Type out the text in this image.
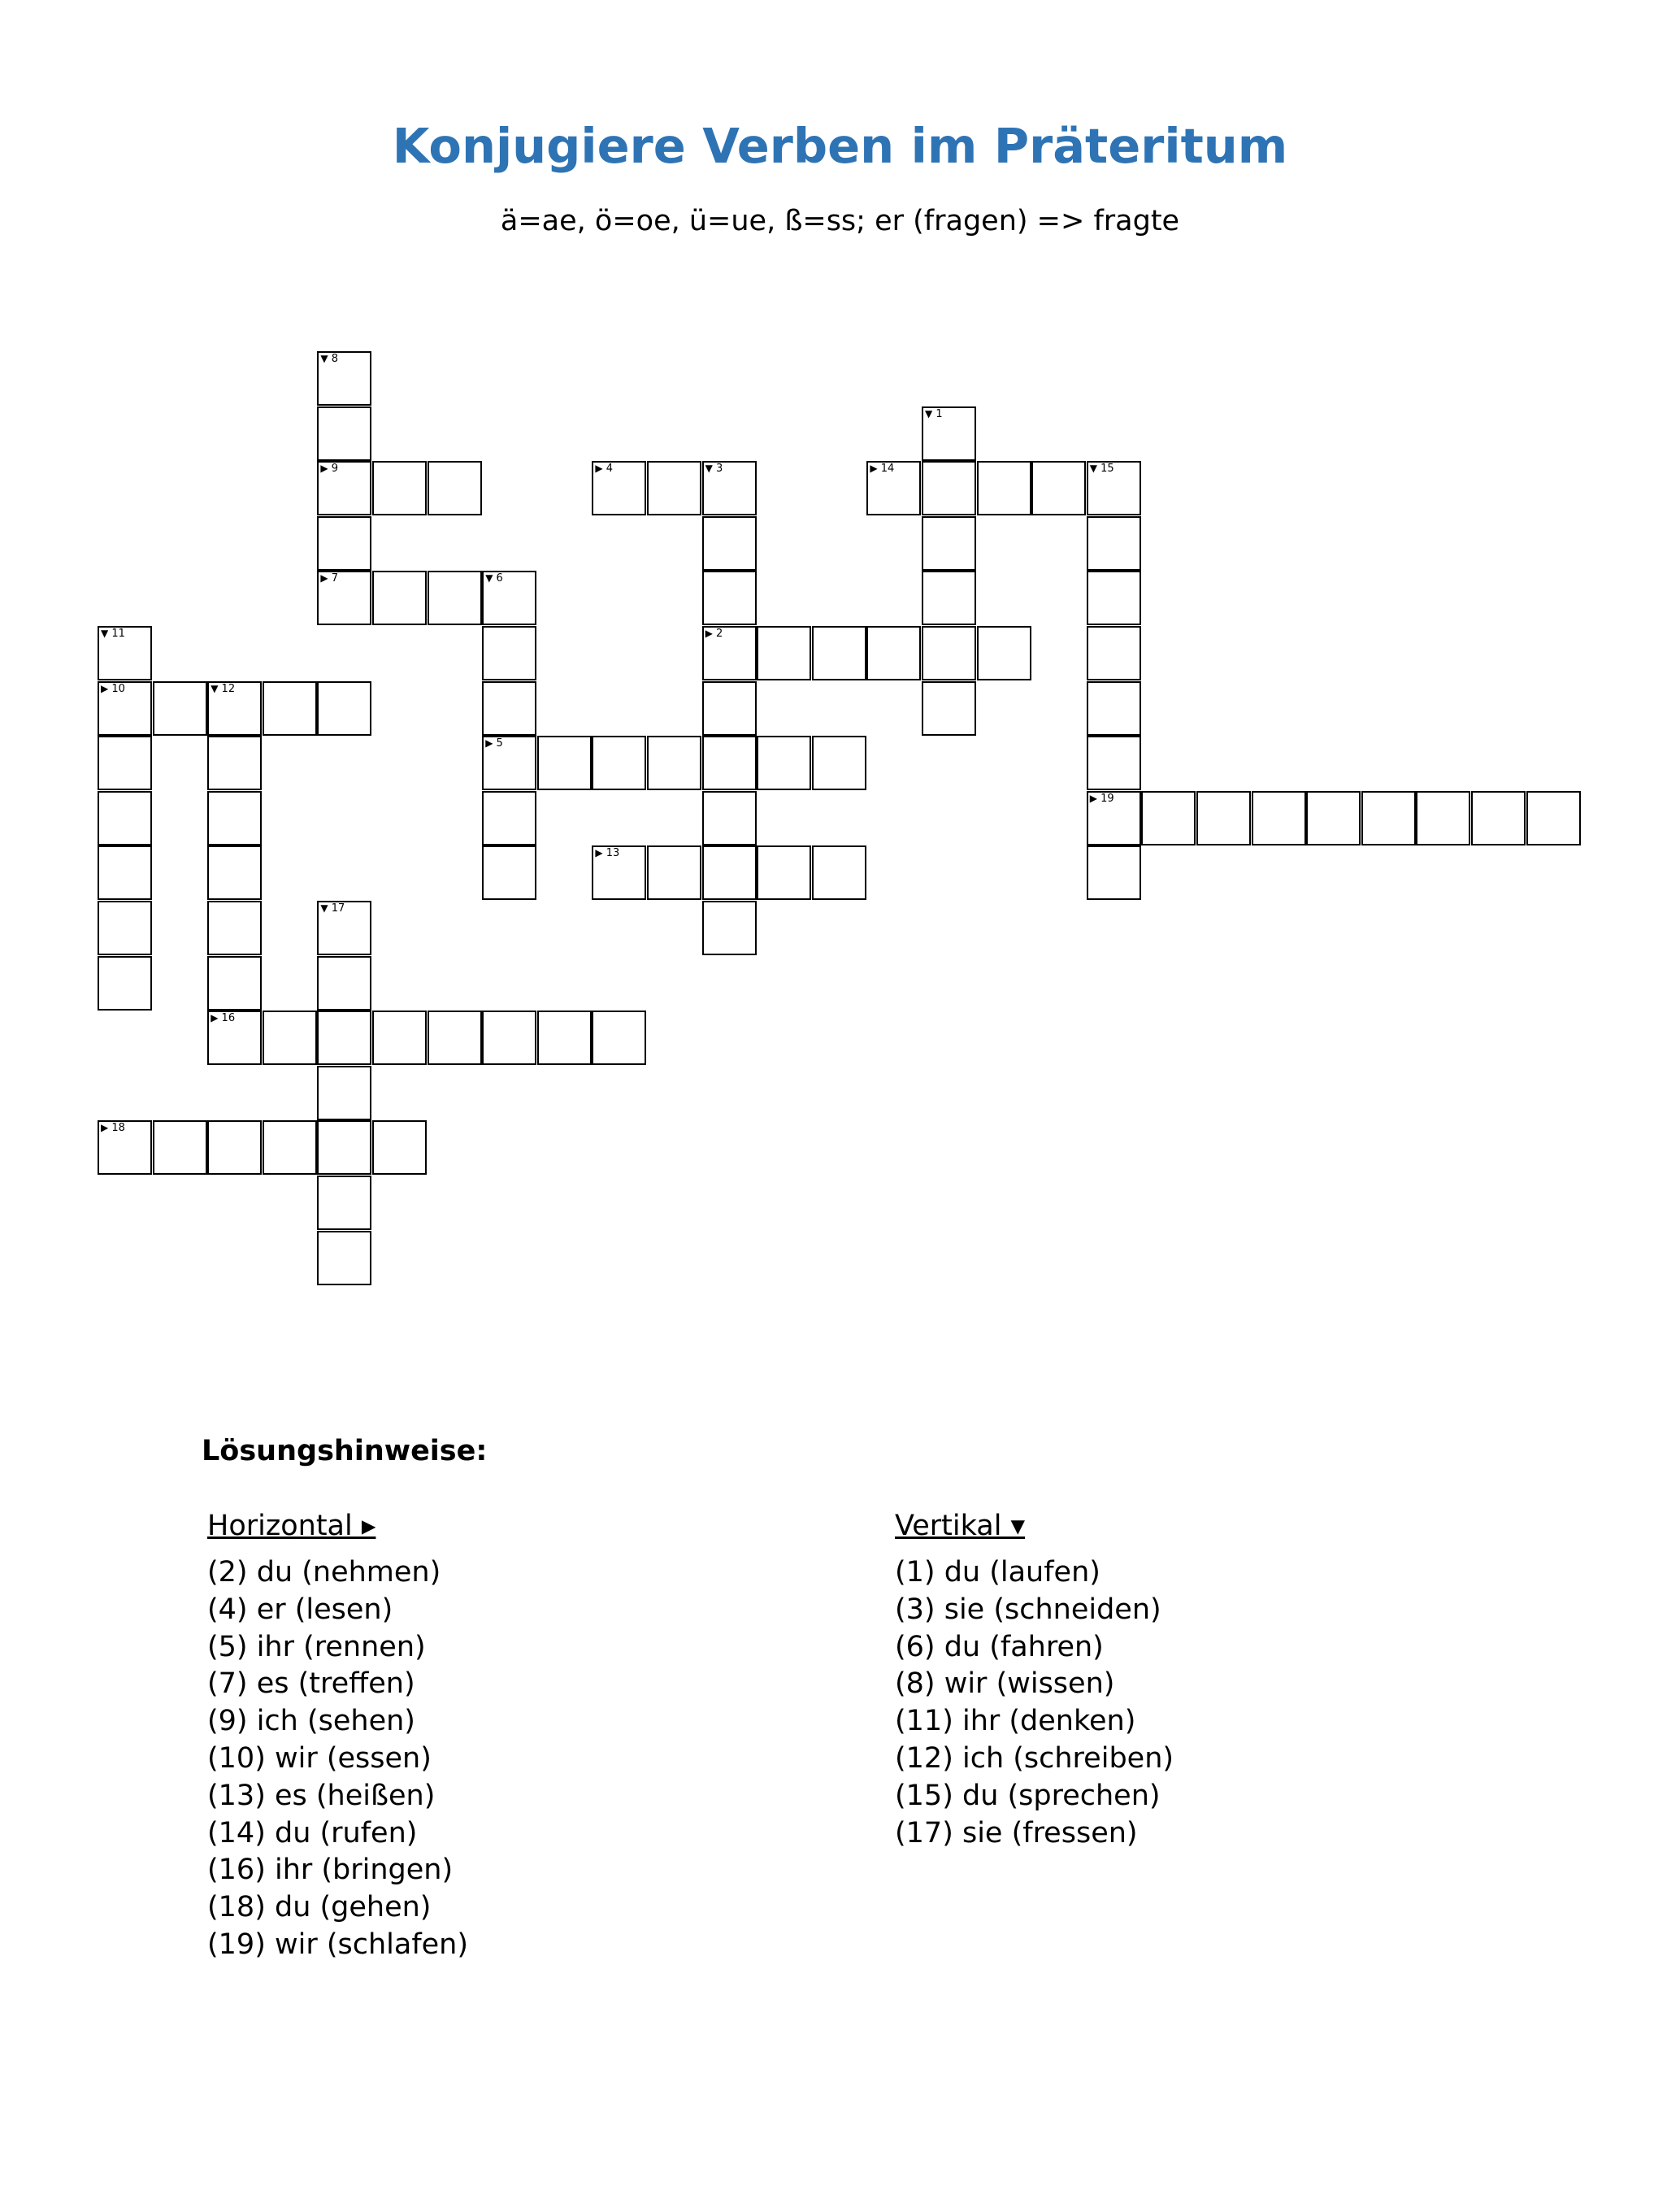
Konjugiere Verben im Präteritum
ä=ae, ö=oe, ü=ue, ß=ss; er (fragen) => fragte
▼ 1
▶ 2
▼ 3
▶ 4
▶ 5
▼ 6
▶ 7
▼ 8
▶ 9
▶ 10	▼ 12
▼ 11
▶ 13
▶ 14	▼ 15
▶ 19
▶ 16
▼ 17
▶ 18
Lösungshinweise:
Horizontal ▸	Vertikal ▾
(2) du (nehmen)
(4) er (lesen)
(5) ihr (rennen)
(7) es (treffen)
(9) ich (sehen)
(10) wir (essen)
(13) es (heißen)
(14) du (rufen)
(16) ihr (bringen)
(18) du (gehen)
(19) wir (schlafen)
(1) du (laufen)
(3) sie (schneiden)
(6) du (fahren)
(8) wir (wissen)
(11) ihr (denken)
(12) ich (schreiben)
(15) du (sprechen)
(17) sie (fressen)
